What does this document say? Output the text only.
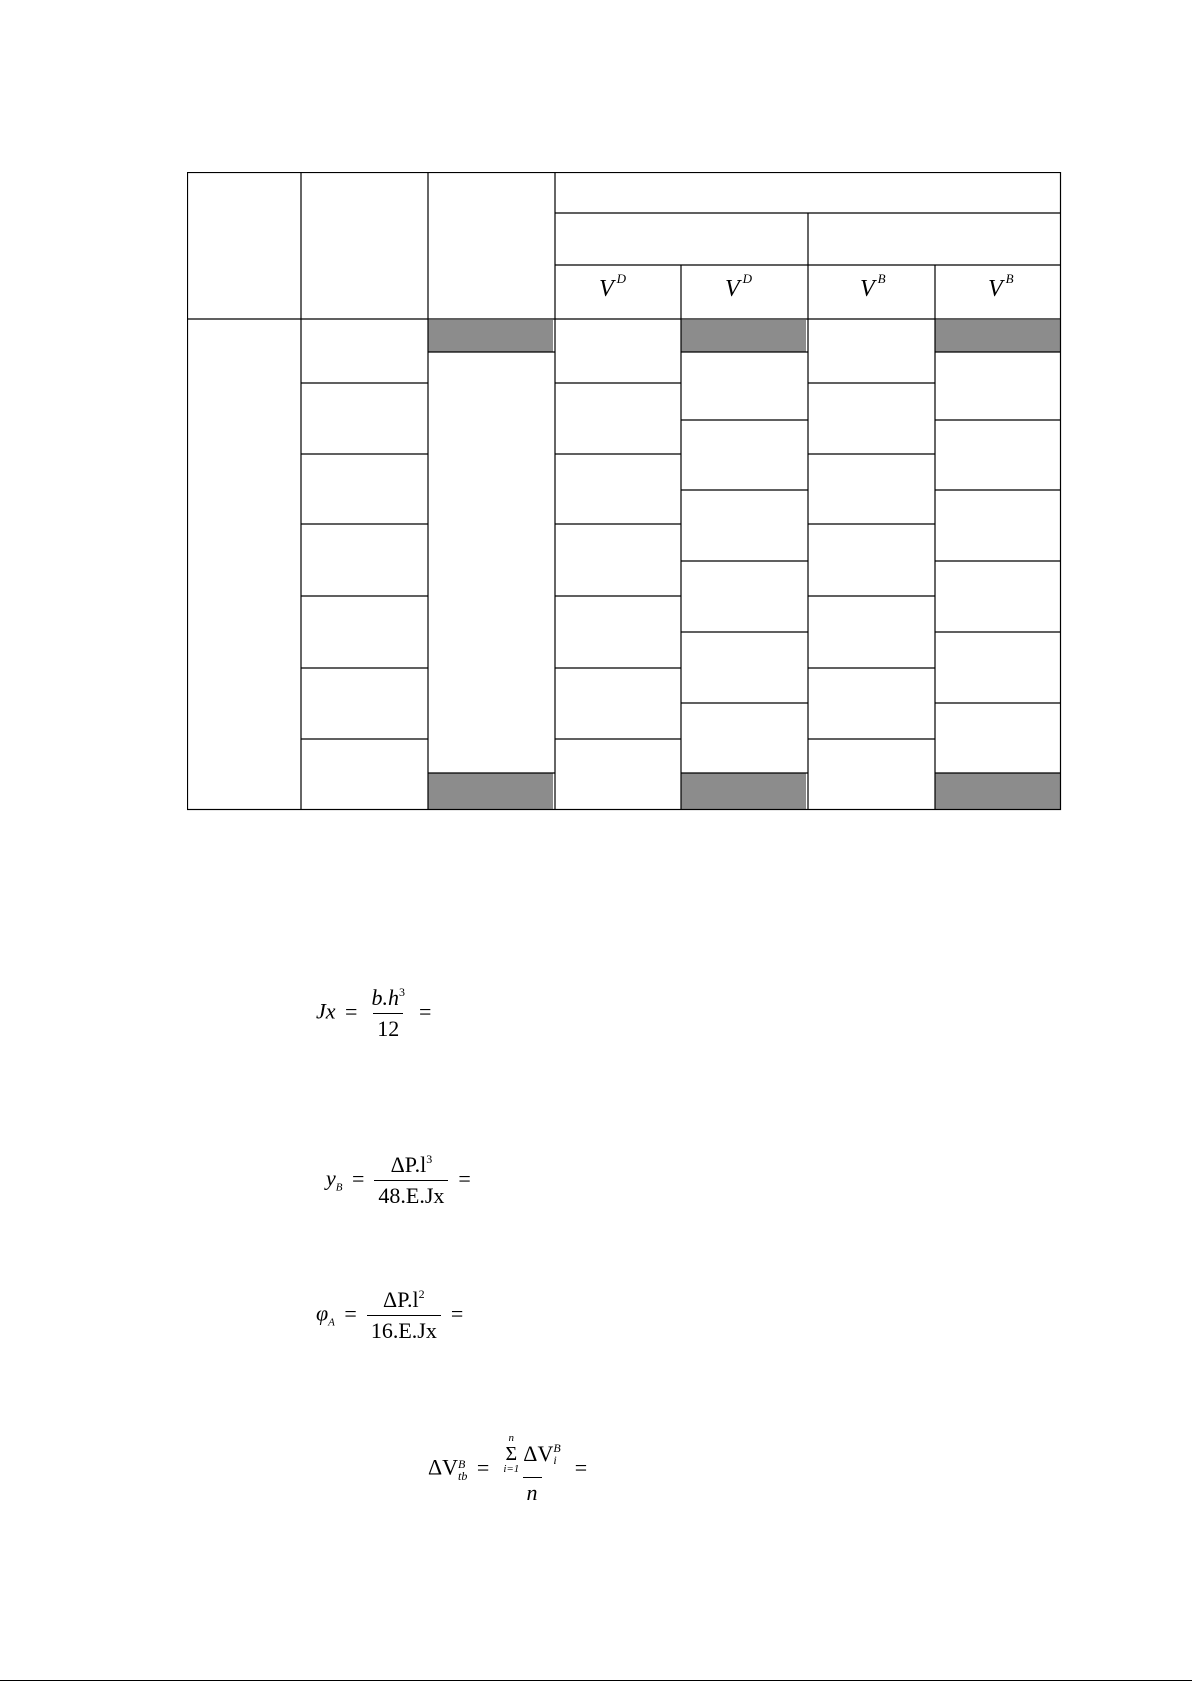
V $^D$	V $^D$	V $^B$	V $^B$
$Jx = \frac{b.h^3}{12}$ =
$y_B = \frac{\Delta P.l^3}{48.E.Jx}$ =
$\varphi_A = \frac{\Delta P.l^2}{16.E.Jx}$ =
ΔV B
tb = n
Σ
i=1
ΔV B
i
n =
